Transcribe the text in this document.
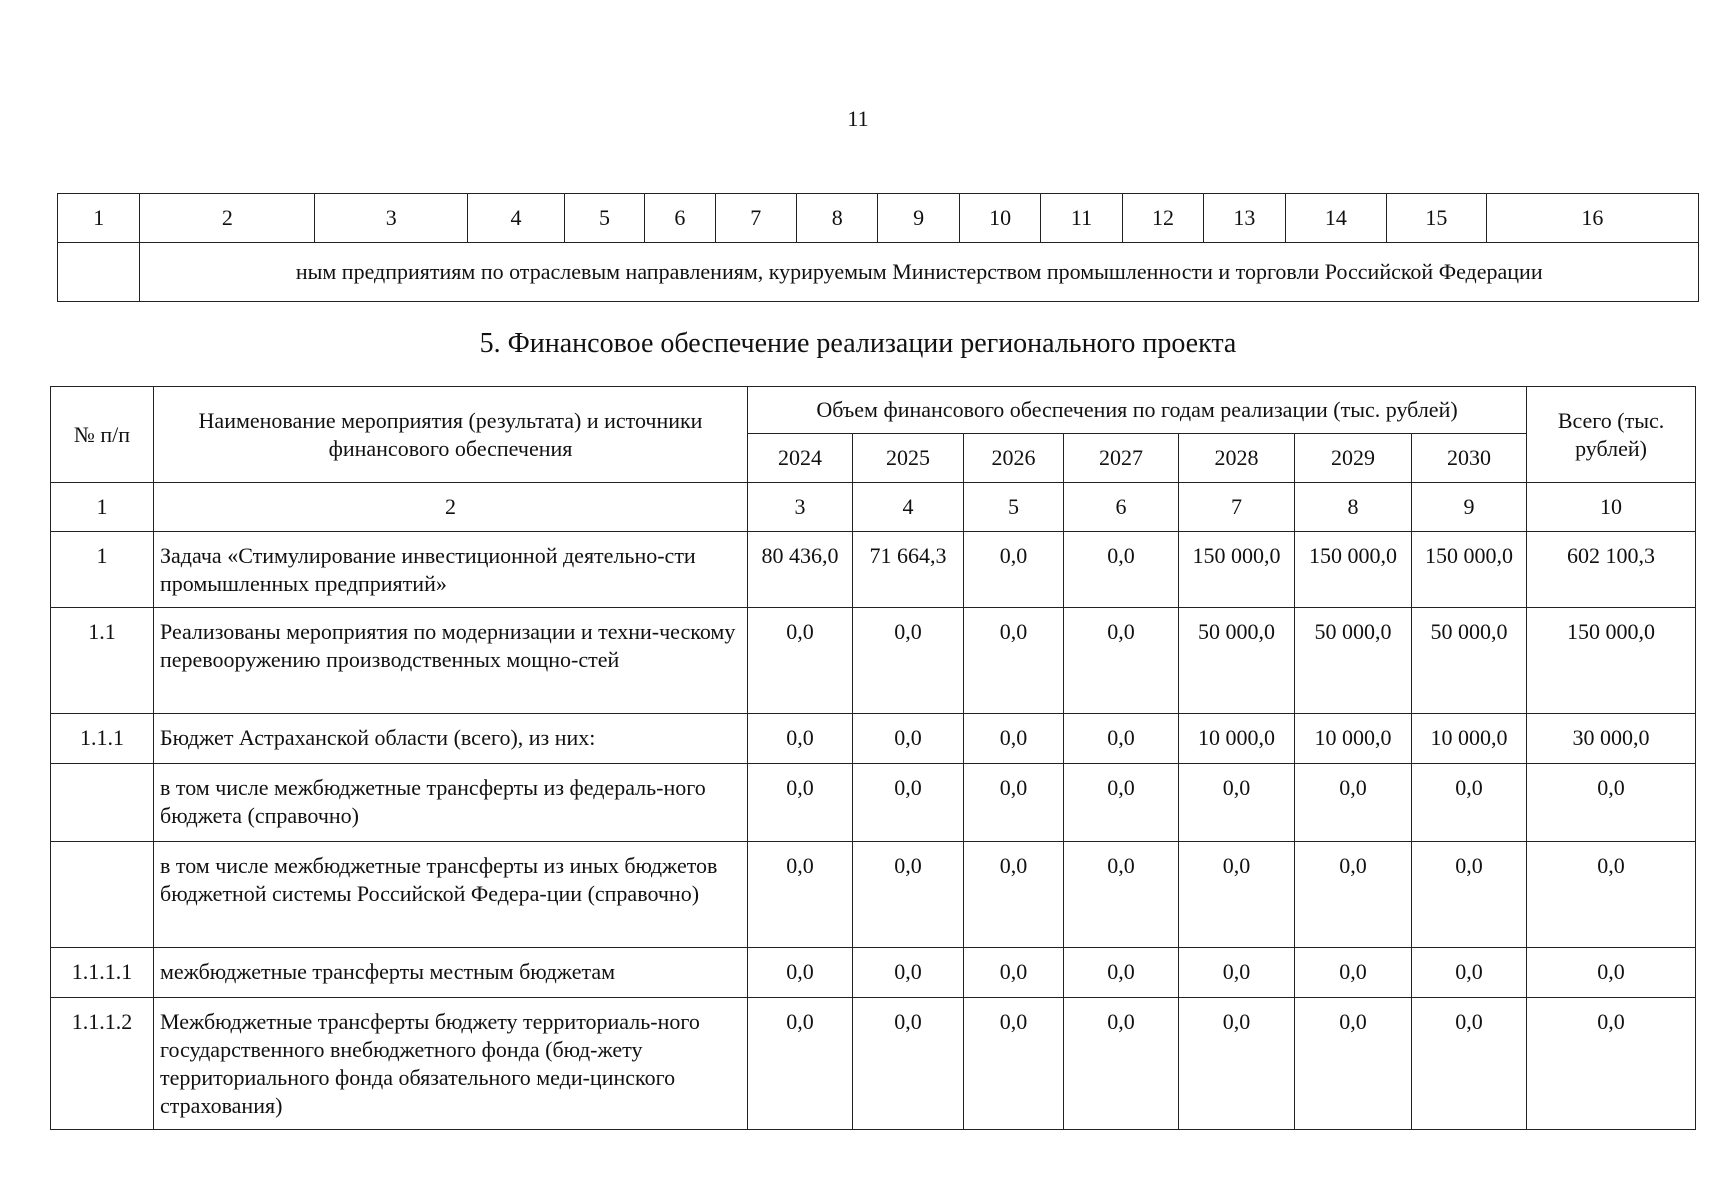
11
1	2	3	4	5	6	7	8	9	10	11	12	13	14	15	16
	ным предприятиям по отраслевым направлениям, курируемым Министерством промышленности и торговли Российской Федерации														
5. Финансовое обеспечение реализации регионального проекта
№ п/п	Наименование мероприятия (результата) и источники финансового обеспечения	Объем финансового обеспечения по годам реализации (тыс. рублей)							Всего (тыс. рублей)
		2024	2025	2026	2027	2028	2029	2030	
1	2	3	4	5	6	7	8	9	10
1	Задача «Стимулирование инвестиционной деятельно-сти промышленных предприятий»	80 436,0	71 664,3	0,0	0,0	150 000,0	150 000,0	150 000,0	602 100,3
1.1	Реализованы мероприятия по модернизации и техни-ческому перевооружению производственных мощно-стей	0,0	0,0	0,0	0,0	50 000,0	50 000,0	50 000,0	150 000,0
1.1.1	Бюджет Астраханской области (всего), из них:	0,0	0,0	0,0	0,0	10 000,0	10 000,0	10 000,0	30 000,0
	в том числе межбюджетные трансферты из федераль-ного бюджета (справочно)	0,0	0,0	0,0	0,0	0,0	0,0	0,0	0,0
	в том числе межбюджетные трансферты из иных бюджетов бюджетной системы Российской Федера-ции (справочно)	0,0	0,0	0,0	0,0	0,0	0,0	0,0	0,0
1.1.1.1	межбюджетные трансферты местным бюджетам	0,0	0,0	0,0	0,0	0,0	0,0	0,0	0,0
1.1.1.2	Межбюджетные трансферты бюджету территориаль-ного государственного внебюджетного фонда (бюд-жету территориального фонда обязательного меди-цинского страхования)	0,0	0,0	0,0	0,0	0,0	0,0	0,0	0,0
